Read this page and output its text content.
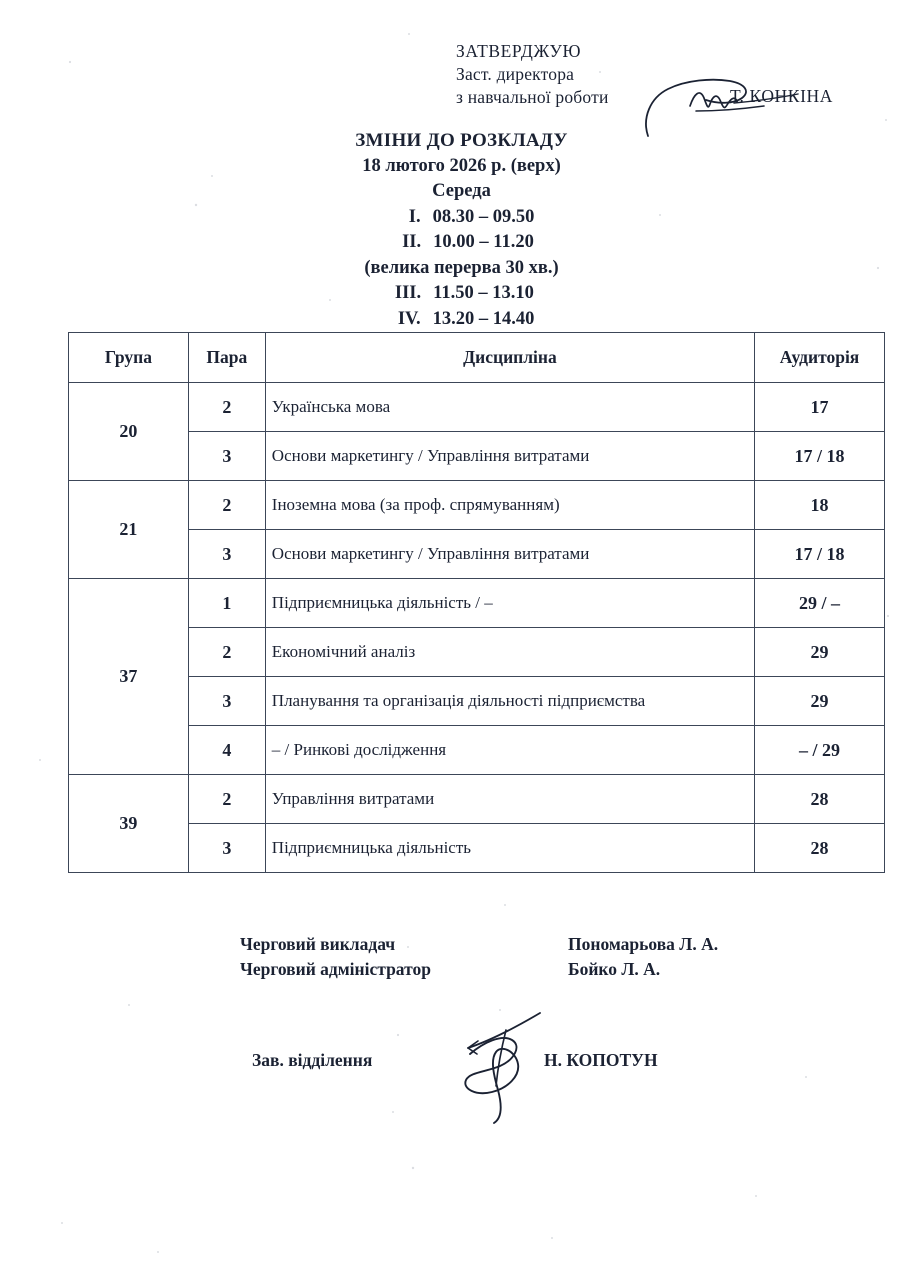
ЗАТВЕРДЖУЮ
Заст. директора
з навчальної роботи	Т. КОНКІНА
ЗМІНИ ДО РОЗКЛАДУ
18 лютого 2026 р. (верх)
Середа
I. 08.30 – 09.50
II. 10.00 – 11.20
(велика перерва 30 хв.)
III. 11.50 – 13.10
IV. 13.20 – 14.40
Група	Пара	Дисципліна	Аудиторія
20	2	Українська мова	17
	3	Основи маркетингу / Управління витратами	17 / 18
21	2	Іноземна мова (за проф. спрямуванням)	18
	3	Основи маркетингу / Управління витратами	17 / 18
37	1	Підприємницька діяльність / –	29 / –
	2	Економічний аналіз	29
	3	Планування та організація діяльності підприємства	29
	4	– / Ринкові дослідження	– / 29
39	2	Управління витратами	28
	3	Підприємницька діяльність	28
Черговий викладач	Пономарьова Л. А.
Черговий адміністратор	Бойко Л. А.
Зав. відділення	Н. КОПОТУН
